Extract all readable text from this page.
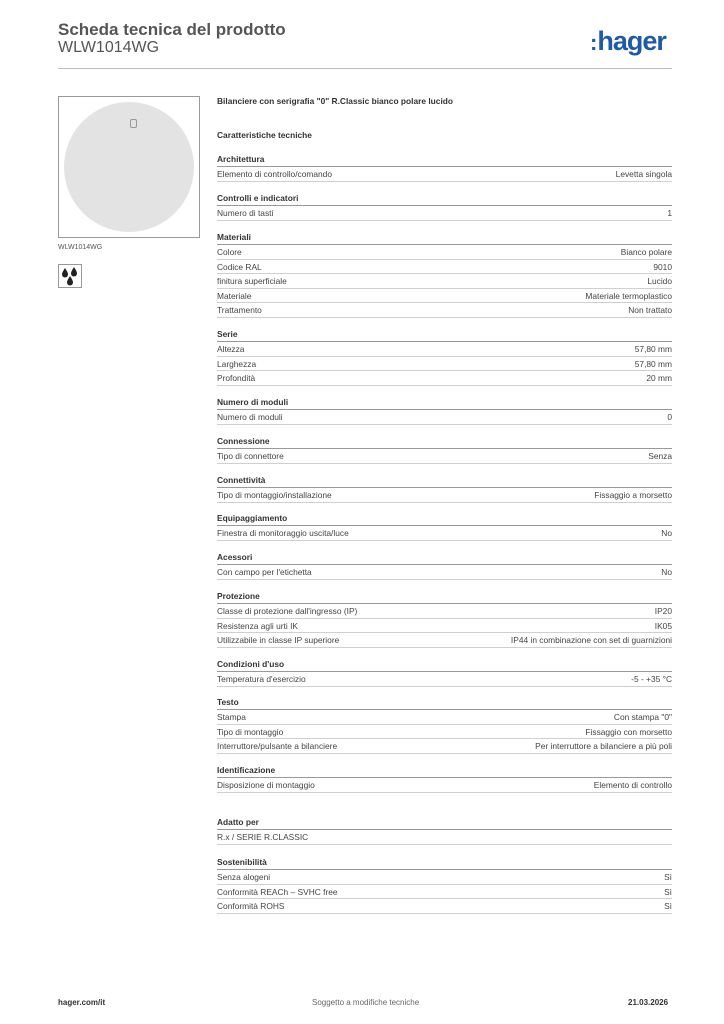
Scheda tecnica del prodotto
WLW1014WG	:hager
WLW1014WG
Bilanciere con serigrafia "0" R.Classic bianco polare lucido
Caratteristiche tecniche
Architettura
Elemento di controllo/comando	Levetta singola
Controlli e indicatori
Numero di tasti	1
Materiali
Colore	Bianco polare
Codice RAL	9010
finitura superficiale	Lucido
Materiale	Materiale termoplastico
Trattamento	Non trattato
Serie
Altezza	57,80 mm
Larghezza	57,80 mm
Profondità	20 mm
Numero di moduli
Numero di moduli	0
Connessione
Tipo di connettore	Senza
Connettività
Tipo di montaggio/installazione	Fissaggio a morsetto
Equipaggiamento
Finestra di monitoraggio uscita/luce	No
Acessori
Con campo per l'etichetta	No
Protezione
Classe di protezione dall'ingresso (IP)	IP20
Resistenza agli urti IK	IK05
Utilizzabile in classe IP superiore	IP44 in combinazione con set di guarnizioni
Condizioni d'uso
Temperatura d'esercizio	-5 - +35 °C
Testo
Stampa	Con stampa "0"
Tipo di montaggio	Fissaggio con morsetto
Interruttore/pulsante a bilanciere	Per interruttore a bilanciere a più poli
Identificazione
Disposizione di montaggio	Elemento di controllo
Adatto per
R.x / SERIE R.CLASSIC
Sostenibilità
Senza alogeni	Sì
Conformità REACh – SVHC free	Sì
Conformità ROHS	Sì
hager.com/it	Soggetto a modifiche tecniche	21.03.2026
